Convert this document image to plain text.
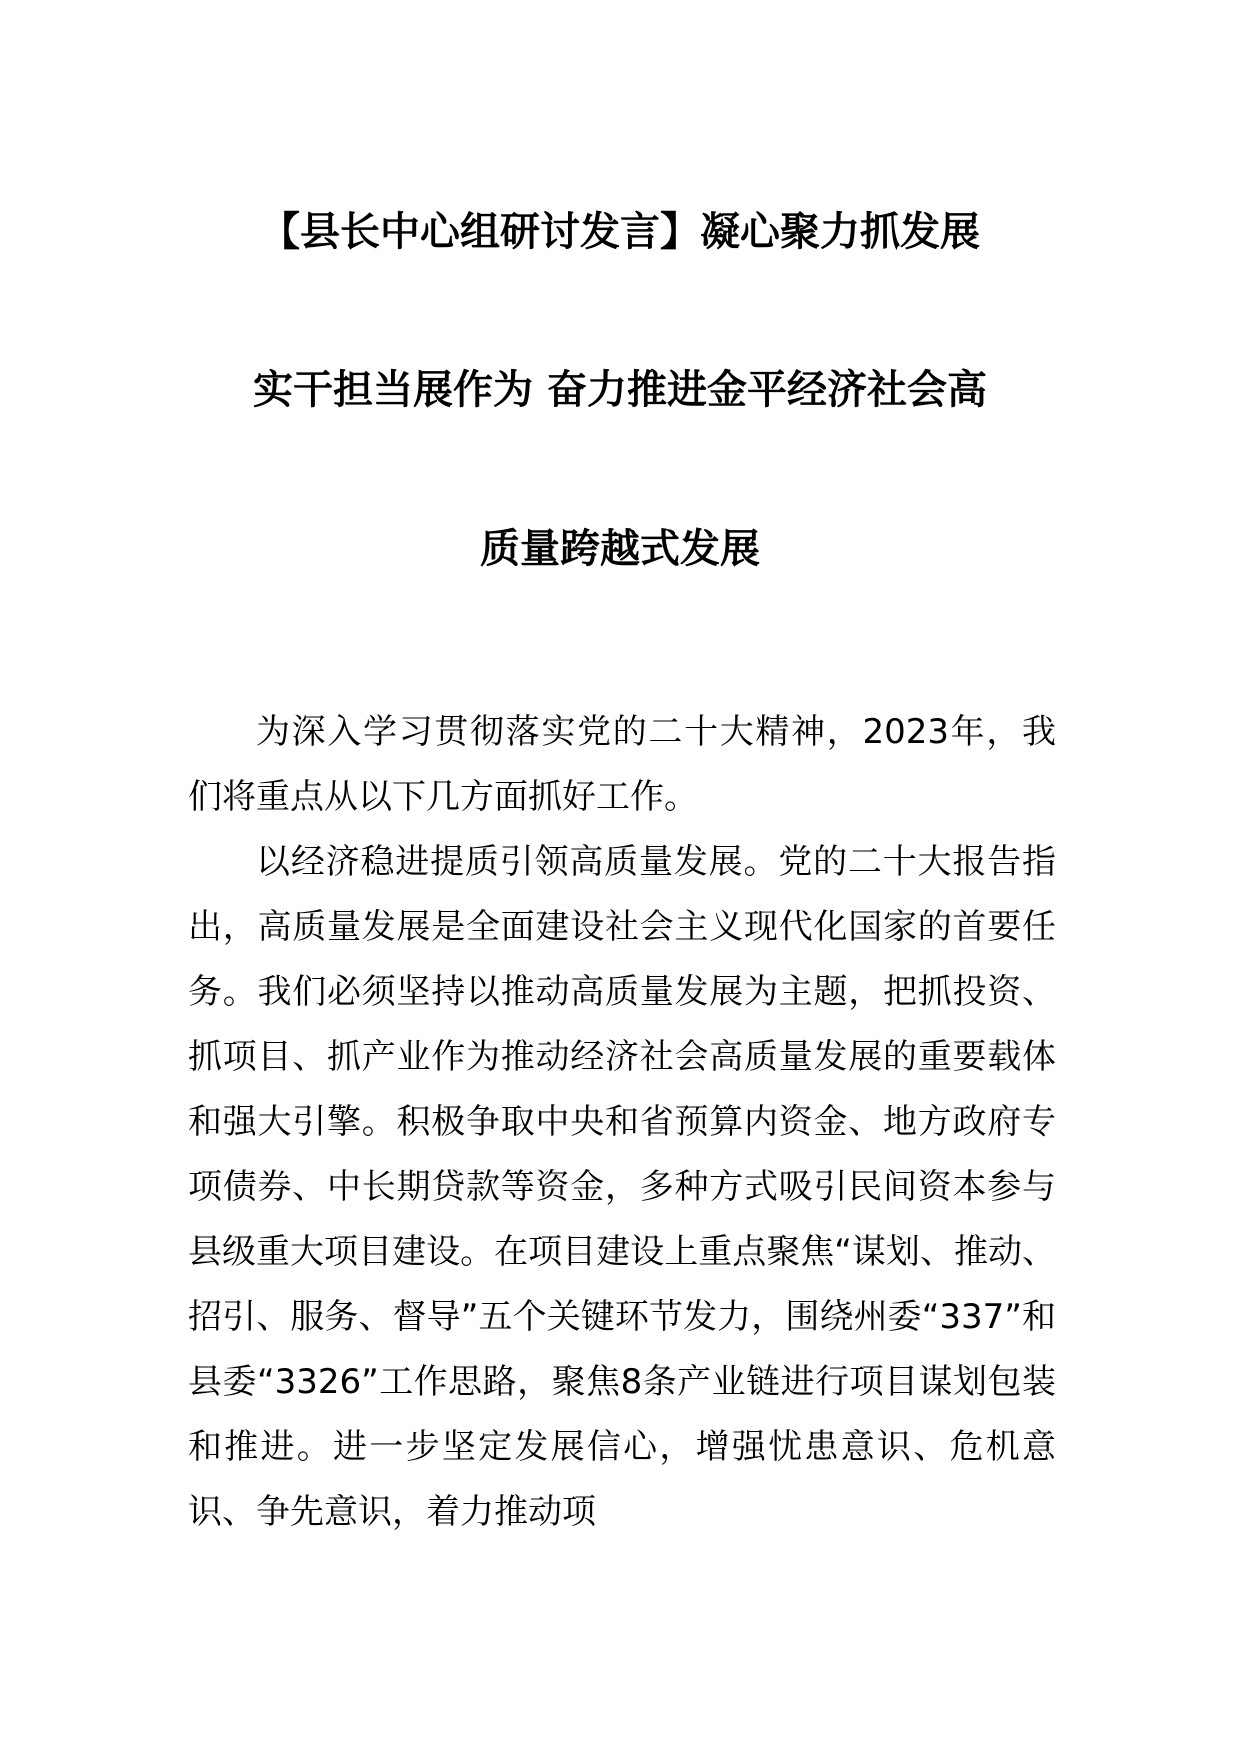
【县长中心组研讨发言】凝心聚力抓发展
实干担当展作为 奋力推进金平经济社会高
质量跨越式发展

为深入学习贯彻落实党的二十大精神，2023年，我们将重点从以下几方面抓好工作。

以经济稳进提质引领高质量发展。党的二十大报告指出，高质量发展是全面建设社会主义现代化国家的首要任务。我们必须坚持以推动高质量发展为主题，把抓投资、抓项目、抓产业作为推动经济社会高质量发展的重要载体和强大引擎。积极争取中央和省预算内资金、地方政府专项债券、中长期贷款等资金，多种方式吸引民间资本参与县级重大项目建设。在项目建设上重点聚焦“谋划、推动、招引、服务、督导”五个关键环节发力，围绕州委“337”和县委“3326”工作思路，聚焦8条产业链进行项目谋划包装和推进。进一步坚定发展信心，增强忧患意识、危机意识、争先意识，着力推动项
